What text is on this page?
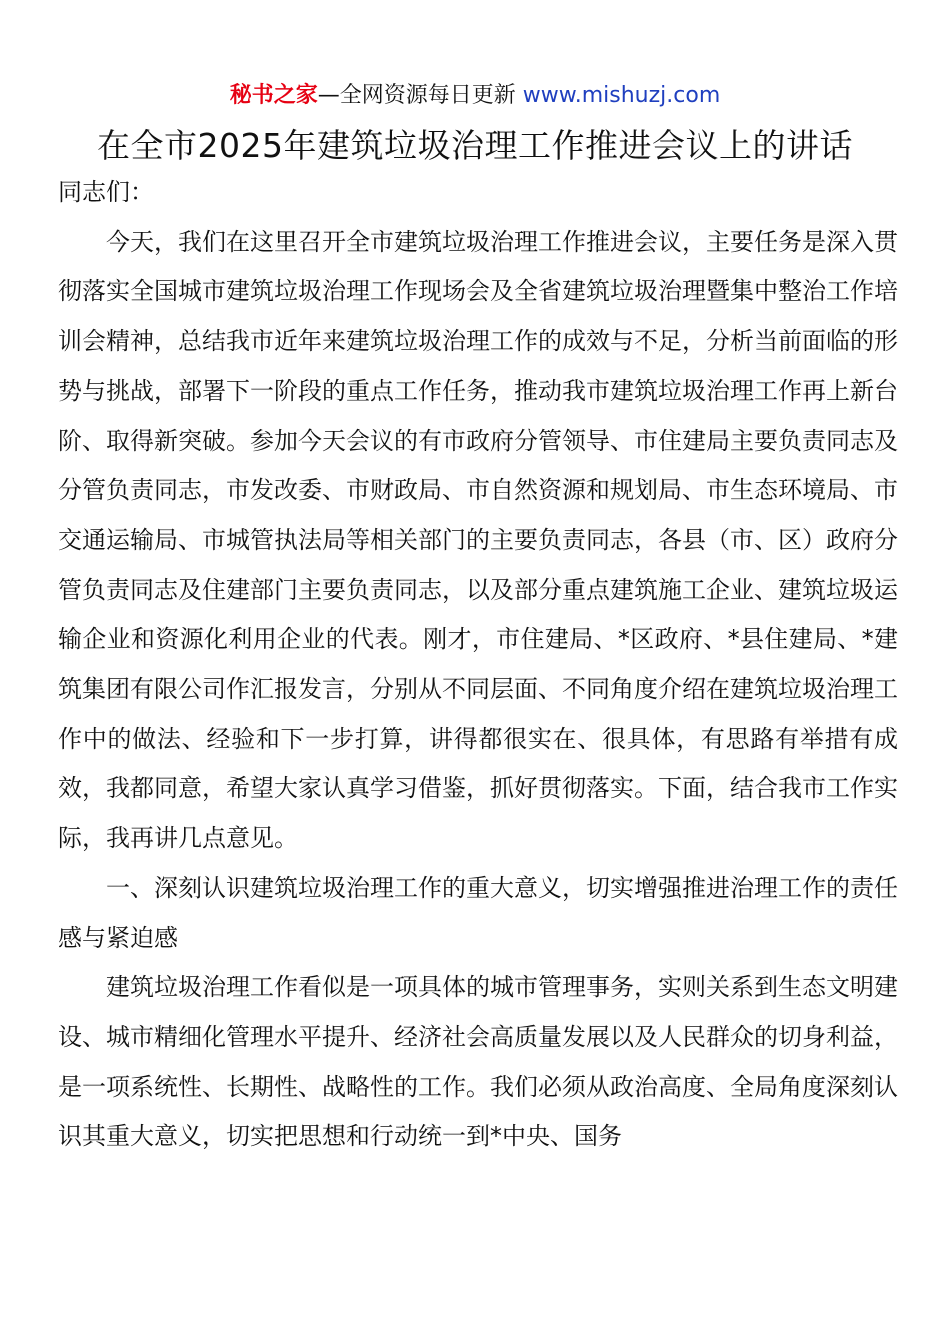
秘书之家—全网资源每日更新 www.mishuzj.com
在全市2025年建筑垃圾治理工作推进会议上的讲话

同志们：

今天，我们在这里召开全市建筑垃圾治理工作推进会议，主要任务是深入贯彻落实全国城市建筑垃圾治理工作现场会及全省建筑垃圾治理暨集中整治工作培训会精神，总结我市近年来建筑垃圾治理工作的成效与不足，分析当前面临的形势与挑战，部署下一阶段的重点工作任务，推动我市建筑垃圾治理工作再上新台阶、取得新突破。参加今天会议的有市政府分管领导、市住建局主要负责同志及分管负责同志，市发改委、市财政局、市自然资源和规划局、市生态环境局、市交通运输局、市城管执法局等相关部门的主要负责同志，各县（市、区）政府分管负责同志及住建部门主要负责同志，以及部分重点建筑施工企业、建筑垃圾运输企业和资源化利用企业的代表。刚才，市住建局、*区政府、*县住建局、*建筑集团有限公司作汇报发言，分别从不同层面、不同角度介绍在建筑垃圾治理工作中的做法、经验和下一步打算，讲得都很实在、很具体，有思路有举措有成效，我都同意，希望大家认真学习借鉴，抓好贯彻落实。下面，结合我市工作实际，我再讲几点意见。

一、深刻认识建筑垃圾治理工作的重大意义，切实增强推进治理工作的责任感与紧迫感

建筑垃圾治理工作看似是一项具体的城市管理事务，实则关系到生态文明建设、城市精细化管理水平提升、经济社会高质量发展以及人民群众的切身利益，是一项系统性、长期性、战略性的工作。我们必须从政治高度、全局角度深刻认识其重大意义，切实把思想和行动统一到*中央、国务
